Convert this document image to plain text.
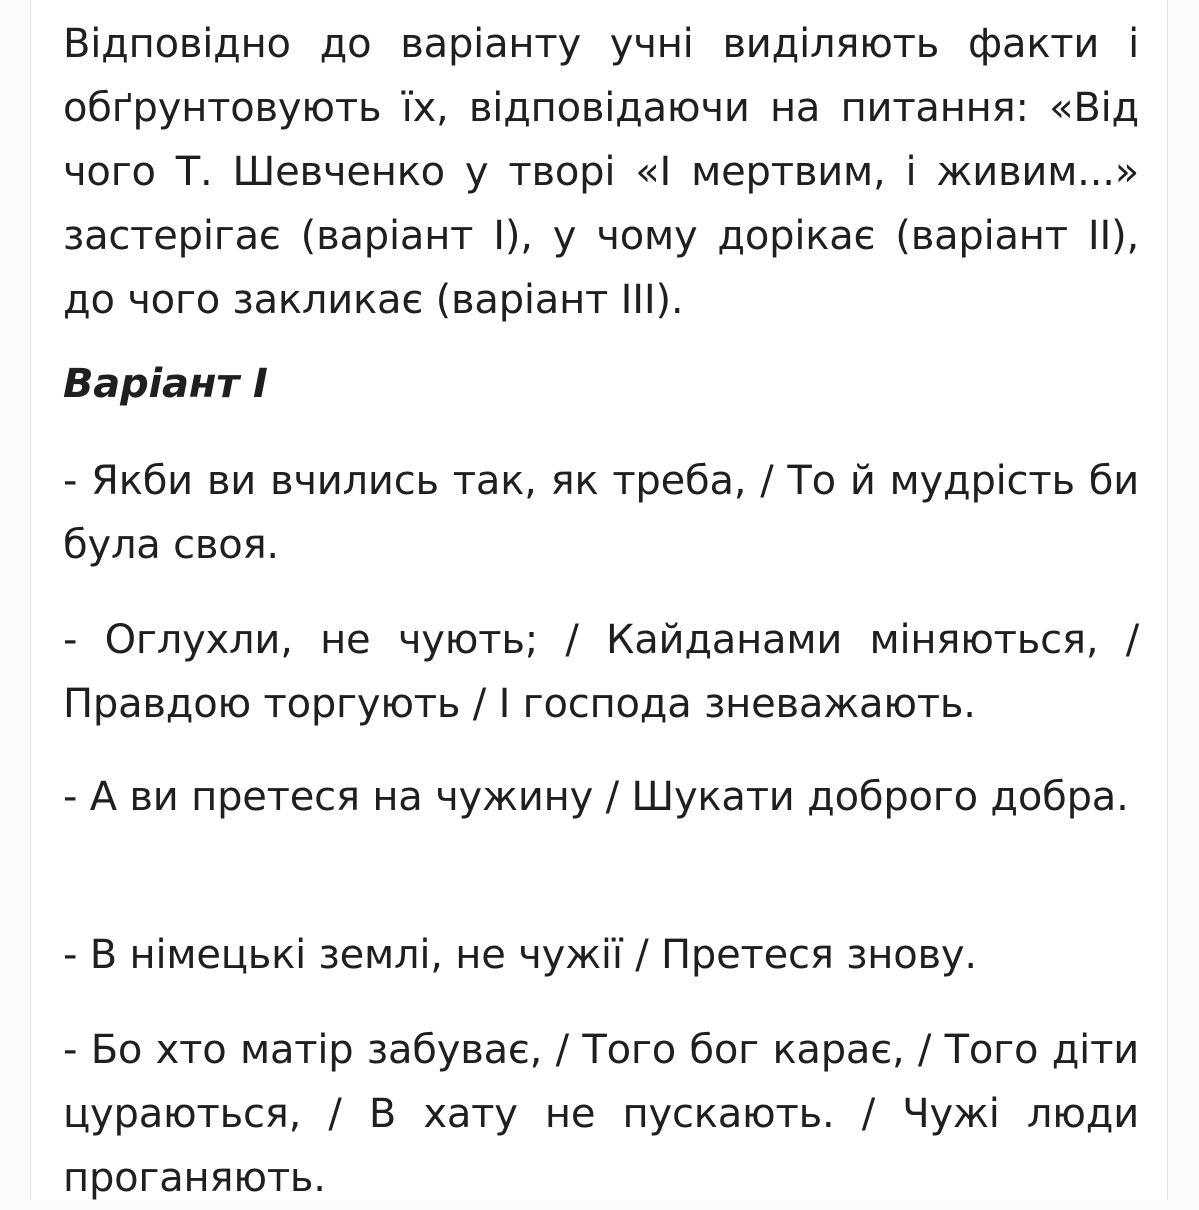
Відповідно до варіанту учні виділяють факти і обґрунтовують їх, відповідаючи на питання: «Від чого Т. Шевченко у творі «І мертвим, і живим...» застерігає (варіант І), у чому дорікає (варіант ІІ), до чого закликає (варіант ІІІ).

Варіант І

- Якби ви вчились так, як треба, / То й мудрість би була своя.

- Оглухли, не чують; / Кайданами міняються, / Правдою торгують / І господа зневажають.

- А ви претеся на чужину / Шукати доброго добра.

- В німецькі землі, не чужії / Претеся знову.

- Бо хто матір забуває, / Того бог карає, / Того діти цураються, / В хату не пускають. / Чужі люди проганяють.
